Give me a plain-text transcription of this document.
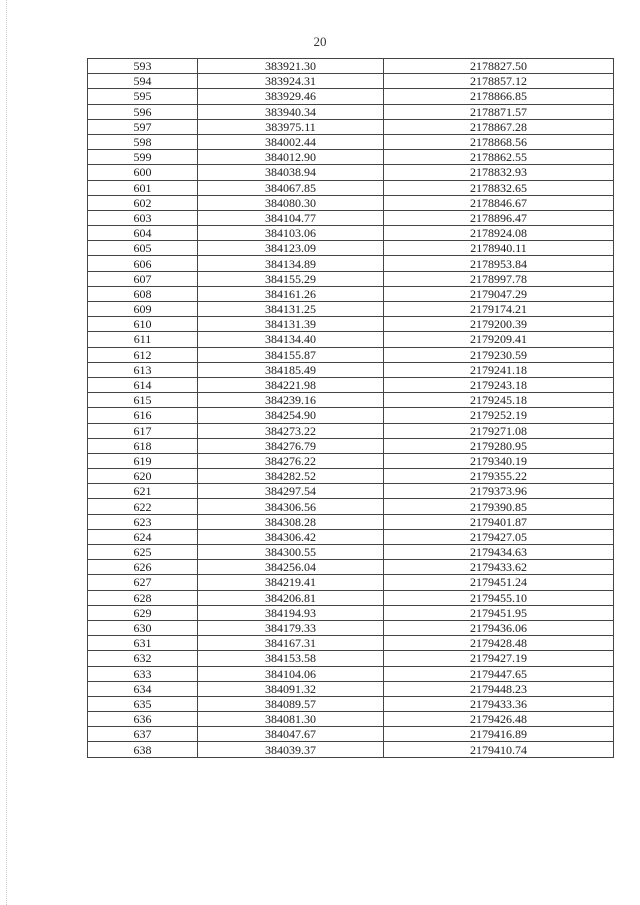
20
593	383921.30	2178827.50
594	383924.31	2178857.12
595	383929.46	2178866.85
596	383940.34	2178871.57
597	383975.11	2178867.28
598	384002.44	2178868.56
599	384012.90	2178862.55
600	384038.94	2178832.93
601	384067.85	2178832.65
602	384080.30	2178846.67
603	384104.77	2178896.47
604	384103.06	2178924.08
605	384123.09	2178940.11
606	384134.89	2178953.84
607	384155.29	2178997.78
608	384161.26	2179047.29
609	384131.25	2179174.21
610	384131.39	2179200.39
611	384134.40	2179209.41
612	384155.87	2179230.59
613	384185.49	2179241.18
614	384221.98	2179243.18
615	384239.16	2179245.18
616	384254.90	2179252.19
617	384273.22	2179271.08
618	384276.79	2179280.95
619	384276.22	2179340.19
620	384282.52	2179355.22
621	384297.54	2179373.96
622	384306.56	2179390.85
623	384308.28	2179401.87
624	384306.42	2179427.05
625	384300.55	2179434.63
626	384256.04	2179433.62
627	384219.41	2179451.24
628	384206.81	2179455.10
629	384194.93	2179451.95
630	384179.33	2179436.06
631	384167.31	2179428.48
632	384153.58	2179427.19
633	384104.06	2179447.65
634	384091.32	2179448.23
635	384089.57	2179433.36
636	384081.30	2179426.48
637	384047.67	2179416.89
638	384039.37	2179410.74
